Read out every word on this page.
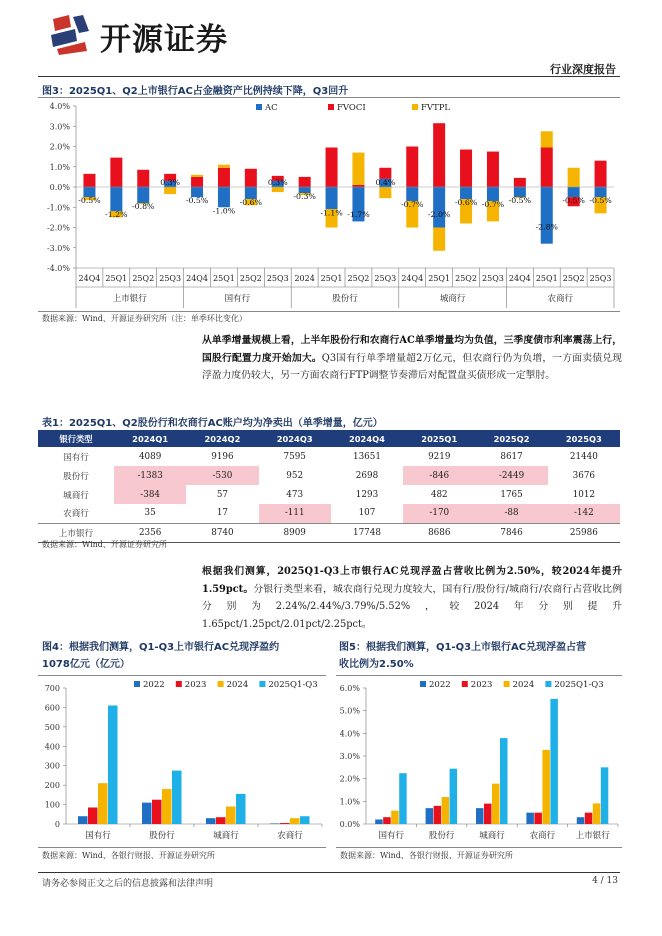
开源证券
行业深度报告
图3：2025Q1、Q2上市银行AC占金融资产比例持续下降，Q3回升
4.0%
3.0%
2.0%
1.0%
0.0%
-1.0%
-2.0%
-3.0%
-4.0%
AC	FVOCI	FVTPL
-0.5%
-1.2%
-0.8%
0.3%
-0.5%
-1.0%
-0.6%
0.3%
-0.3%
-1.1% -1.7%
0.4%
-0.7%
-2.0%
-0.6% -0.7% -0.5%
-2.8%
-0.5% -0.5%
24Q4 25Q1 25Q2 25Q3 24Q4 25Q1 25Q2 25Q3 2024 25Q1 25Q2 25Q3 24Q4 25Q1 25Q2 25Q3 24Q4 25Q1 25Q2 25Q3
上市银行	国有行	股份行	城商行	农商行
数据来源：Wind、开源证券研究所（注：单季环比变化）
从单季增量规模上看，上半年股份行和农商行AC单季增量均为负值，三季度债市利率震荡上行，国股行配置力度开始加大。Q3国有行单季增量超2万亿元，但农商行仍为负增，一方面卖债兑现浮盈力度仍较大，另一方面农商行FTP调整节奏滞后对配置盘买债形成一定掣肘。
表1：2025Q1、Q2股份行和农商行AC账户均为净卖出（单季增量，亿元）
银行类型	2024Q1	2024Q2	2024Q3	2024Q4	2025Q1	2025Q2	2025Q3
国有行	4089	9196	7595	13651	9219	8617	21440
股份行	-1383	-530	952	2698	-846	-2449	3676
城商行	-384	57	473	1293	482	1765	1012
农商行	35	17	-111	107	-170	-88	-142
上市银行	2356	8740	8909	17748	8686	7846	25986
数据来源：Wind、开源证券研究所
根据我们测算，2025Q1-Q3上市银行AC兑现浮盈占营收比例为2.50%，较2024年提升1.59pct。分银行类型来看，城农商行兑现力度较大，国有行/股份行/城商行/农商行占营收比例分别为2.24%/2.44%/3.79%/5.52%，较2024年分别提升1.65pct/1.25pct/2.01pct/2.25pct。
图4：根据我们测算，Q1-Q3上市银行AC兑现浮盈约
1078亿元（亿元）
0
100
200
300
400
500
600
700	2022 2023 2024 2025Q1-Q3
国有行	股份行	城商行	农商行
数据来源：Wind、各银行财报、开源证券研究所
图5：根据我们测算，Q1-Q3上市银行AC兑现浮盈占营
收比例为2.50%
0.0%
1.0%
2.0%
3.0%
4.0%
5.0%
6.0%	2022 2023 2024 2025Q1-Q3
国有行	股份行	城商行	农商行 上市银行
数据来源：Wind、各银行财报、开源证券研究所
请务必参阅正文之后的信息披露和法律声明	4 / 13
